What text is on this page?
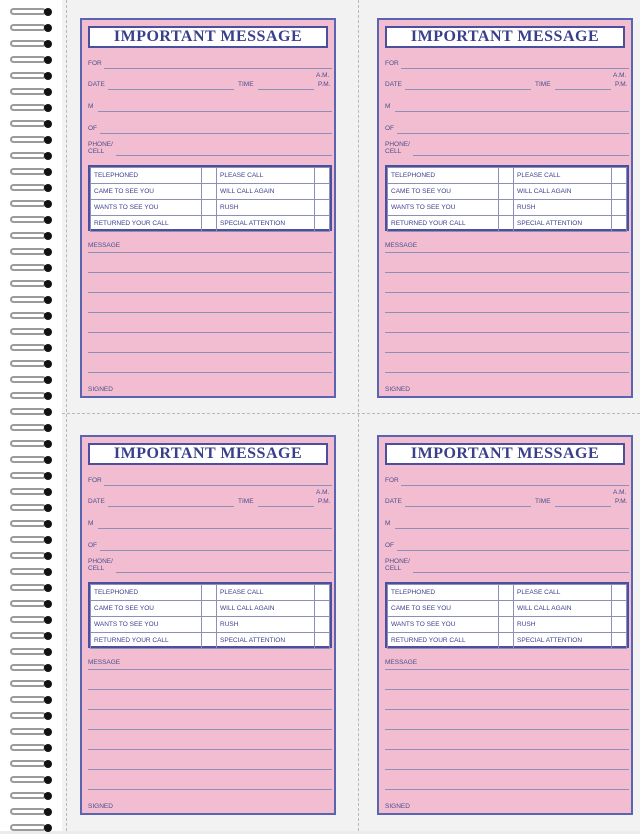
IMPORTANT MESSAGE
FOR
DATE	TIME
A.M.
P.M.
M
OF
PHONE/
CELL
TELEPHONED		PLEASE CALL	
CAME TO SEE YOU		WILL CALL AGAIN	
WANTS TO SEE YOU		RUSH	
RETURNED YOUR CALL		SPECIAL ATTENTION	
MESSAGE
SIGNED
IMPORTANT MESSAGE
FOR
DATE	TIME
A.M.
P.M.
M
OF
PHONE/
CELL
TELEPHONED		PLEASE CALL	
CAME TO SEE YOU		WILL CALL AGAIN	
WANTS TO SEE YOU		RUSH	
RETURNED YOUR CALL		SPECIAL ATTENTION	
MESSAGE
SIGNED
IMPORTANT MESSAGE
FOR
DATE	TIME
A.M.
P.M.
M
OF
PHONE/
CELL
TELEPHONED		PLEASE CALL	
CAME TO SEE YOU		WILL CALL AGAIN	
WANTS TO SEE YOU		RUSH	
RETURNED YOUR CALL		SPECIAL ATTENTION	
MESSAGE
SIGNED
IMPORTANT MESSAGE
FOR
DATE	TIME
A.M.
P.M.
M
OF
PHONE/
CELL
TELEPHONED		PLEASE CALL	
CAME TO SEE YOU		WILL CALL AGAIN	
WANTS TO SEE YOU		RUSH	
RETURNED YOUR CALL		SPECIAL ATTENTION	
MESSAGE
SIGNED
